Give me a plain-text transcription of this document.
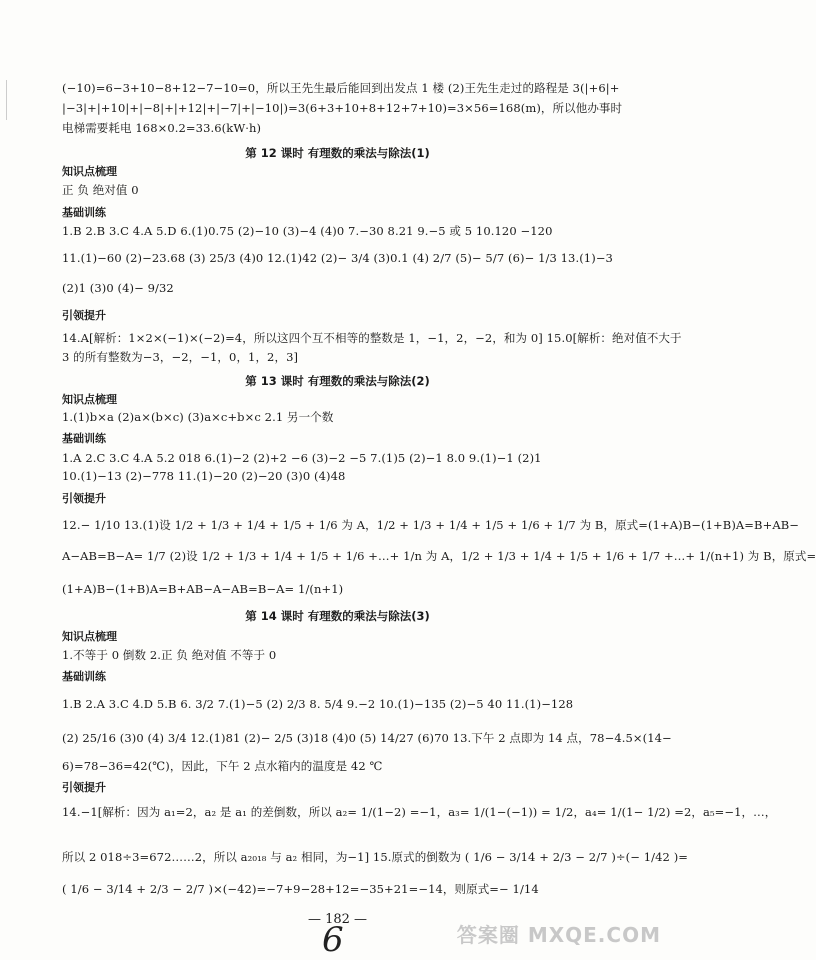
(−10)=6−3+10−8+12−7−10=0，所以王先生最后能回到出发点 1 楼 (2)王先生走过的路程是 3(|+6|+
|−3|+|+10|+|−8|+|+12|+|−7|+|−10|)=3(6+3+10+8+12+7+10)=3×56=168(m)，所以他办事时
电梯需要耗电 168×0.2=33.6(kW·h)
第 12 课时 有理数的乘法与除法(1)
知识点梳理
正 负 绝对值 0
基础训练
1.B 2.B 3.C 4.A 5.D 6.(1)0.75 (2)−10 (3)−4 (4)0 7.−30 8.21 9.−5 或 5 10.120 −120
11.(1)−60 (2)−23.68 (3) 25/3 (4)0 12.(1)42 (2)− 3/4 (3)0.1 (4) 2/7 (5)− 5/7 (6)− 1/3 13.(1)−3
(2)1 (3)0 (4)− 9/32
引领提升
14.A[解析：1×2×(−1)×(−2)=4，所以这四个互不相等的整数是 1，−1，2，−2，和为 0] 15.0[解析：绝对值不大于
3 的所有整数为−3，−2，−1，0，1，2，3]
第 13 课时 有理数的乘法与除法(2)
知识点梳理
1.(1)b×a (2)a×(b×c) (3)a×c+b×c 2.1 另一个数
基础训练
1.A 2.C 3.C 4.A 5.2 018 6.(1)−2 (2)+2 −6 (3)−2 −5 7.(1)5 (2)−1 8.0 9.(1)−1 (2)1
10.(1)−13 (2)−778 11.(1)−20 (2)−20 (3)0 (4)48
引领提升
12.− 1/10 13.(1)设 1/2 + 1/3 + 1/4 + 1/5 + 1/6 为 A，1/2 + 1/3 + 1/4 + 1/5 + 1/6 + 1/7 为 B，原式=(1+A)B−(1+B)A=B+AB−
A−AB=B−A= 1/7 (2)设 1/2 + 1/3 + 1/4 + 1/5 + 1/6 +…+ 1/n 为 A，1/2 + 1/3 + 1/4 + 1/5 + 1/6 + 1/7 +…+ 1/(n+1) 为 B，原式=
(1+A)B−(1+B)A=B+AB−A−AB=B−A= 1/(n+1)
第 14 课时 有理数的乘法与除法(3)
知识点梳理
1.不等于 0 倒数 2.正 负 绝对值 不等于 0
基础训练
1.B 2.A 3.C 4.D 5.B 6. 3/2 7.(1)−5 (2) 2/3 8. 5/4 9.−2 10.(1)−135 (2)−5 40 11.(1)−128
(2) 25/16 (3)0 (4) 3/4 12.(1)81 (2)− 2/5 (3)18 (4)0 (5) 14/27 (6)70 13.下午 2 点即为 14 点，78−4.5×(14−
6)=78−36=42(℃)，因此，下午 2 点水箱内的温度是 42 ℃
引领提升
14.−1[解析：因为 a₁=2，a₂ 是 a₁ 的差倒数，所以 a₂= 1/(1−2) =−1，a₃= 1/(1−(−1)) = 1/2，a₄= 1/(1− 1/2) =2，a₅=−1，…，
所以 2 018÷3=672……2，所以 a₂₀₁₈ 与 a₂ 相同，为−1] 15.原式的倒数为 ( 1/6 − 3/14 + 2/3 − 2/7 )÷(− 1/42 )=
( 1/6 − 3/14 + 2/3 − 2/7 )×(−42)=−7+9−28+12=−35+21=−14，则原式=− 1/14
— 182 —
6	答案圈 MXQE.COM
